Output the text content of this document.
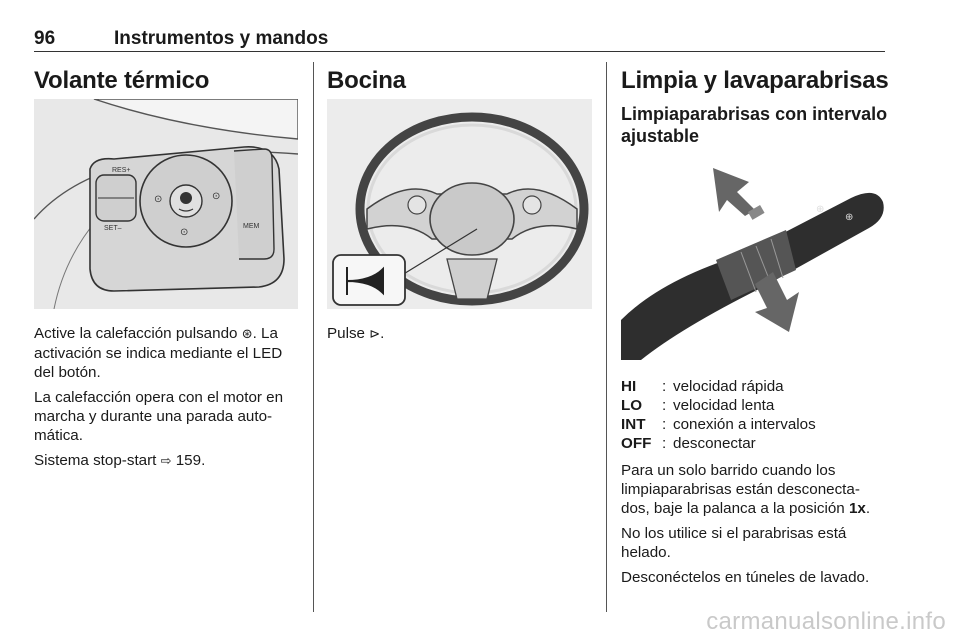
96	Instrumentos y mandos
Volante térmico
RES+
SET–
⊙	⊙
⊙
MEM

Active la calefacción pulsando ⊛. La activación se indica mediante el LED del botón.

La calefacción opera con el motor en marcha y durante una parada auto-mática.

Sistema stop-start ⇨ 159.

Bocina

Pulse ⊳.

Limpia y lavaparabrisas
Limpiaparabrisas con intervalo ajustable
⊕
⊕
HI : velocidad rápida
LO : velocidad lenta
INT : conexión a intervalos
OFF : desconectar

Para un solo barrido cuando los limpiaparabrisas están desconecta-dos, baje la palanca a la posición 1x.

No los utilice si el parabrisas está helado.

Desconéctelos en túneles de lavado.

carmanualsonline.info
